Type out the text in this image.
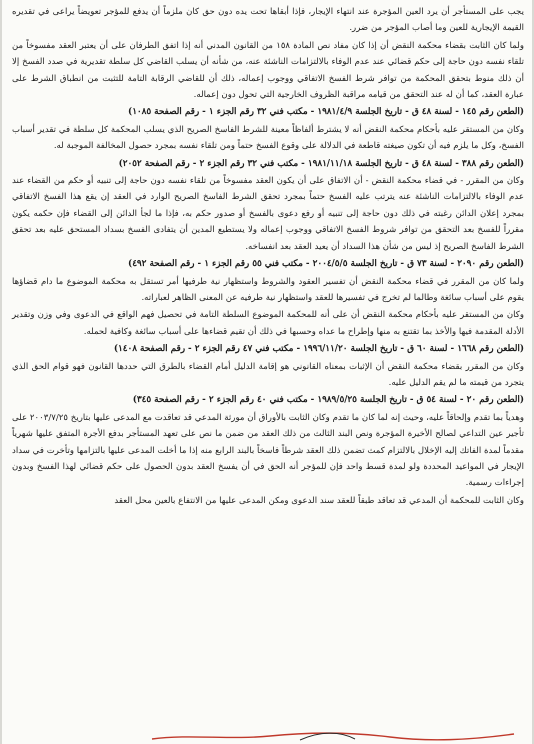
يجب على المستأجر أن يرد العين المؤجرة عند انتهاء الإيجار، فإذا أبقاها تحت يده دون حق كان ملزماً أن يدفع للمؤجر تعويضاً يراعى في تقديره القيمة الإيجارية للعين وما أصاب المؤجر من ضرر.

ولما كان الثابت بقضاء محكمة النقض أن إذا كان مفاد نص المادة ١٥٨ من القانون المدني أنه إذا اتفق الطرفان على أن يعتبر العقد مفسوخاً من تلقاء نفسه دون حاجة إلى حكم قضائي عند عدم الوفاء بالالتزامات الناشئة عنه، من شأنه أن يسلب القاضي كل سلطة تقديرية في صدد الفسخ إلا أن ذلك منوط بتحقق المحكمة من توافر شرط الفسخ الاتفاقي ووجوب إعماله، ذلك أن للقاضي الرقابة التامة للتثبت من انطباق الشرط على عبارة العقد، كما أن له عند التحقق من قيامه مراقبة الظروف الخارجية التي تحول دون إعماله.

(الطعن رقم ١٤٥ - لسنة ٤٨ ق - تاريخ الجلسة ١٩٨١/٤/٩ - مكتب فني ٣٢ رقم الجزء ١ - رقم الصفحة ١٠٨٥)

وكان من المستقر عليه بأحكام محكمة النقض أنه لا يشترط ألفاظاً معينة للشرط الفاسخ الصريح الذي يسلب المحكمة كل سلطة في تقدير أسباب الفسخ، وكل ما يلزم فيه أن تكون صيغته قاطعة في الدلالة على وقوع الفسخ حتماً ومن تلقاء نفسه بمجرد حصول المخالفة الموجبة له.

(الطعن رقم ٣٨٨ - لسنة ٤٨ ق - تاريخ الجلسة ١٩٨١/١١/١٨ - مكتب فني ٣٢ رقم الجزء ٢ - رقم الصفحة ٢٠٥٢)

وكان من المقرر - في قضاء محكمة النقض - أن الاتفاق على أن يكون العقد مفسوخاً من تلقاء نفسه دون حاجة إلى تنبيه أو حكم من القضاء عند عدم الوفاء بالالتزامات الناشئة عنه يترتب عليه الفسخ حتماً بمجرد تحقق الشرط الفاسخ الصريح الوارد في العقد إن يقع هذا الفسخ الاتفاقي بمجرد إعلان الدائن رغبته في ذلك دون حاجة إلى تنبيه أو رفع دعوى بالفسخ أو صدور حكم به، فإذا ما لجأ الدائن إلى القضاء فإن حكمه يكون مقرراً للفسخ بعد التحقق من توافر شروط الفسخ الاتفاقي ووجوب إعماله ولا يستطيع المدين أن يتفادى الفسخ بسداد المستحق عليه بعد تحقق الشرط الفاسخ الصريح إذ ليس من شأن هذا السداد أن يعيد العقد بعد انفساخه.

(الطعن رقم ٢٠٩٠ - لسنة ٧٣ ق - تاريخ الجلسة ٢٠٠٤/٥/٥ - مكتب فني ٥٥ رقم الجزء ١ - رقم الصفحة ٤٩٢)

ولما كان من المقرر في قضاء محكمة النقض أن تفسير العقود والشروط واستظهار نية طرفيها أمر تستقل به محكمة الموضوع ما دام قضاؤها يقوم على أسباب سائغة وطالما لم تخرج في تفسيرها للعقد واستظهار نية طرفيه عن المعنى الظاهر لعباراته.

وكان من المستقر عليه بأحكام محكمة النقض أن على أنه للمحكمة الموضوع السلطة التامة في تحصيل فهم الواقع في الدعوى وفي وزن وتقدير الأدلة المقدمة فيها والأخذ بما تقتنع به منها وإطراح ما عداه وحسبها في ذلك أن تقيم قضاءها على أسباب سائغة وكافية لحمله.

(الطعن رقم ١٦٦٨ - لسنة ٦٠ ق - تاريخ الجلسة ١٩٩٦/١١/٢٠ - مكتب فني ٤٧ رقم الجزء ٢ - رقم الصفحة ١٤٠٨)

وكان من المقرر بقضاء محكمة النقض أن الإثبات بمعناه القانوني هو إقامة الدليل أمام القضاء بالطرق التي حددها القانون فهو قوام الحق الذي يتجرد من قيمته ما لم يقم الدليل عليه.

(الطعن رقم ٢٠ - لسنة ٥٤ ق - تاريخ الجلسة ١٩٨٩/٥/٢٥ - مكتب فني ٤٠ رقم الجزء ٢ - رقم الصفحة ٣٤٥)

وهدياً بما تقدم وإلحاقاً عليه، وحيث إنه لما كان ما تقدم وكان الثابت بالأوراق أن مورثة المدعي قد تعاقدت مع المدعى عليها بتاريخ ٢٠٠٣/٧/٢٥ على تأجير عين التداعي لصالح الأخيرة المؤجرة ونص البند الثالث من ذلك العقد من ضمن ما نص على تعهد المستأجر بدفع الأجرة المتفق عليها شهرياً مقدماً لمدة الفاتك إليه الإخلال بالالتزام كمث تضمن ذلك العقد شرطاً فاسخاً بالبند الرابع منه إذا ما أخلت المدعى عليها بالتزامها وتأخرت في سداد الإيجار في المواعيد المحددة ولو لمدة قسط واحد فإن للمؤجر أنه الحق في أن يفسخ العقد بدون الحصول على حكم قضائي لهذا الفسخ وبدون إجراءات رسمية.

وكان الثابت للمحكمة أن المدعي قد تعاقد طبقاً للعقد سند الدعوى ومكن المدعى عليها من الانتفاع بالعين محل العقد
